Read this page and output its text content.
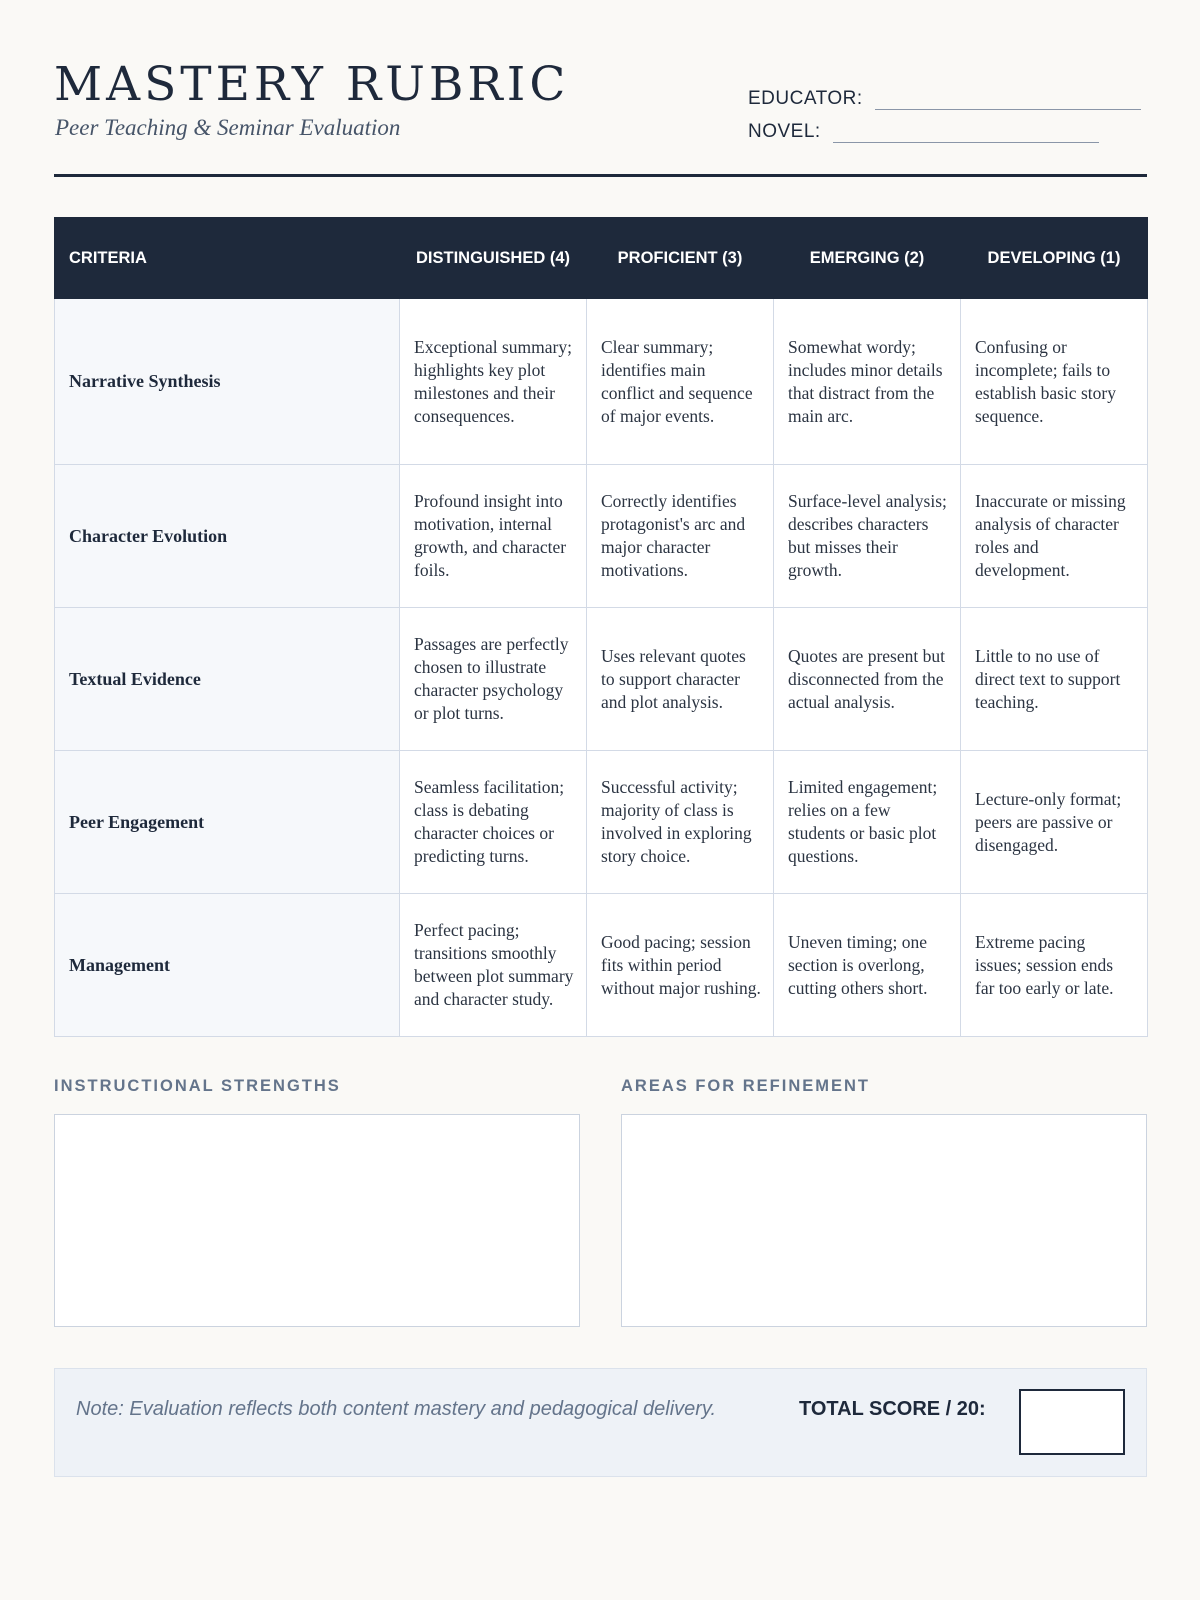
MASTERY RUBRIC
Peer Teaching & Seminar Evaluation
EDUCATOR:
NOVEL:
CRITERIA	DISTINGUISHED (4)	PROFICIENT (3)	EMERGING (2)	DEVELOPING (1)
Narrative Synthesis	Exceptional summary; highlights key plot milestones and their consequences.	Clear summary; identifies main conflict and sequence of major events.	Somewhat wordy; includes minor details that distract from the main arc.	Confusing or incomplete; fails to establish basic story sequence.
Character Evolution	Profound insight into motivation, internal growth, and character foils.	Correctly identifies protagonist's arc and major character motivations.	Surface-level analysis; describes characters but misses their growth.	Inaccurate or missing analysis of character roles and development.
Textual Evidence	Passages are perfectly chosen to illustrate character psychology or plot turns.	Uses relevant quotes to support character and plot analysis.	Quotes are present but disconnected from the actual analysis.	Little to no use of direct text to support teaching.
Peer Engagement	Seamless facilitation; class is debating character choices or predicting turns.	Successful activity; majority of class is involved in exploring story choice.	Limited engagement; relies on a few students or basic plot questions.	Lecture-only format; peers are passive or disengaged.
Management	Perfect pacing; transitions smoothly between plot summary and character study.	Good pacing; session fits within period without major rushing.	Uneven timing; one section is overlong, cutting others short.	Extreme pacing issues; session ends far too early or late.
INSTRUCTIONAL STRENGTHS	AREAS FOR REFINEMENT
Note: Evaluation reflects both content mastery and pedagogical delivery.	TOTAL SCORE / 20:
